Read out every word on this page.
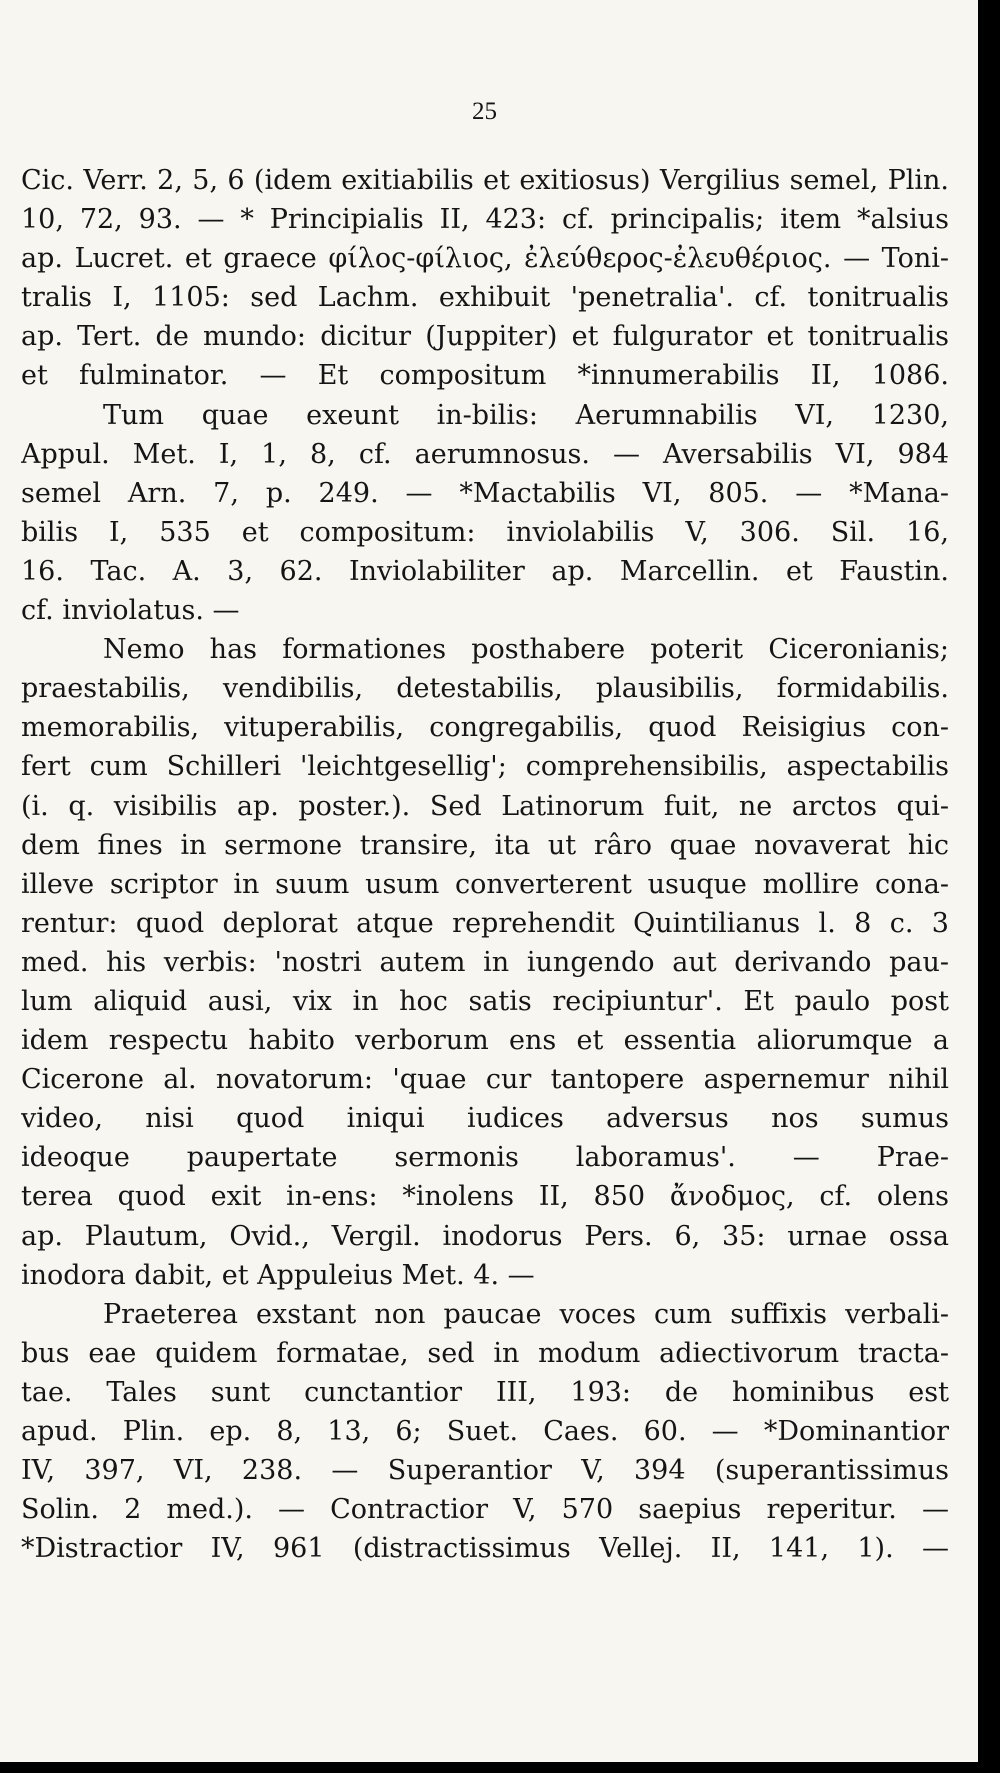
25
Cic. Verr. 2, 5, 6 (idem exitiabilis et exitiosus) Vergilius semel, Plin.
10, 72, 93. — * Principialis II, 423: cf. principalis; item *alsius
ap. Lucret. et graece φίλος-φίλιος, ἐλεύθερος-ἐλευθέριος. — Toni-
tralis I, 1105: sed Lachm. exhibuit 'penetralia'. cf. tonitrualis
ap. Tert. de mundo: dicitur (Juppiter) et fulgurator et tonitrualis
et fulminator. — Et compositum *innumerabilis II, 1086.
Tum quae exeunt in-bilis: Aerumnabilis VI, 1230,
Appul. Met. I, 1, 8, cf. aerumnosus. — Aversabilis VI, 984
semel Arn. 7, p. 249. — *Mactabilis VI, 805. — *Mana-
bilis I, 535 et compositum: inviolabilis V, 306. Sil. 16,
16. Tac. A. 3, 62. Inviolabiliter ap. Marcellin. et Faustin.
cf. inviolatus. —
Nemo has formationes posthabere poterit Ciceronianis;
praestabilis, vendibilis, detestabilis, plausibilis, formidabilis.
memorabilis, vituperabilis, congregabilis, quod Reisigius con-
fert cum Schilleri 'leichtgesellig'; comprehensibilis, aspectabilis
(i. q. visibilis ap. poster.). Sed Latinorum fuit, ne arctos qui-
dem fines in sermone transire, ita ut râro quae novaverat hic
illeve scriptor in suum usum converterent usuque mollire cona-
rentur: quod deplorat atque reprehendit Quintilianus l. 8 c. 3
med. his verbis: 'nostri autem in iungendo aut derivando pau-
lum aliquid ausi, vix in hoc satis recipiuntur'. Et paulo post
idem respectu habito verborum ens et essentia aliorumque a
Cicerone al. novatorum: 'quae cur tantopere aspernemur nihil
video, nisi quod iniqui iudices adversus nos sumus
ideoque paupertate sermonis laboramus'. — Prae-
terea quod exit in-ens: *inolens II, 850 ἄνοδμος, cf. olens
ap. Plautum, Ovid., Vergil. inodorus Pers. 6, 35: urnae ossa
inodora dabit, et Appuleius Met. 4. —
Praeterea exstant non paucae voces cum suffixis verbali-
bus eae quidem formatae, sed in modum adiectivorum tracta-
tae. Tales sunt cunctantior III, 193: de hominibus est
apud. Plin. ep. 8, 13, 6; Suet. Caes. 60. — *Dominantior
IV, 397, VI, 238. — Superantior V, 394 (superantissimus
Solin. 2 med.). — Contractior V, 570 saepius reperitur. —
*Distractior IV, 961 (distractissimus Vellej. II, 141, 1). —
